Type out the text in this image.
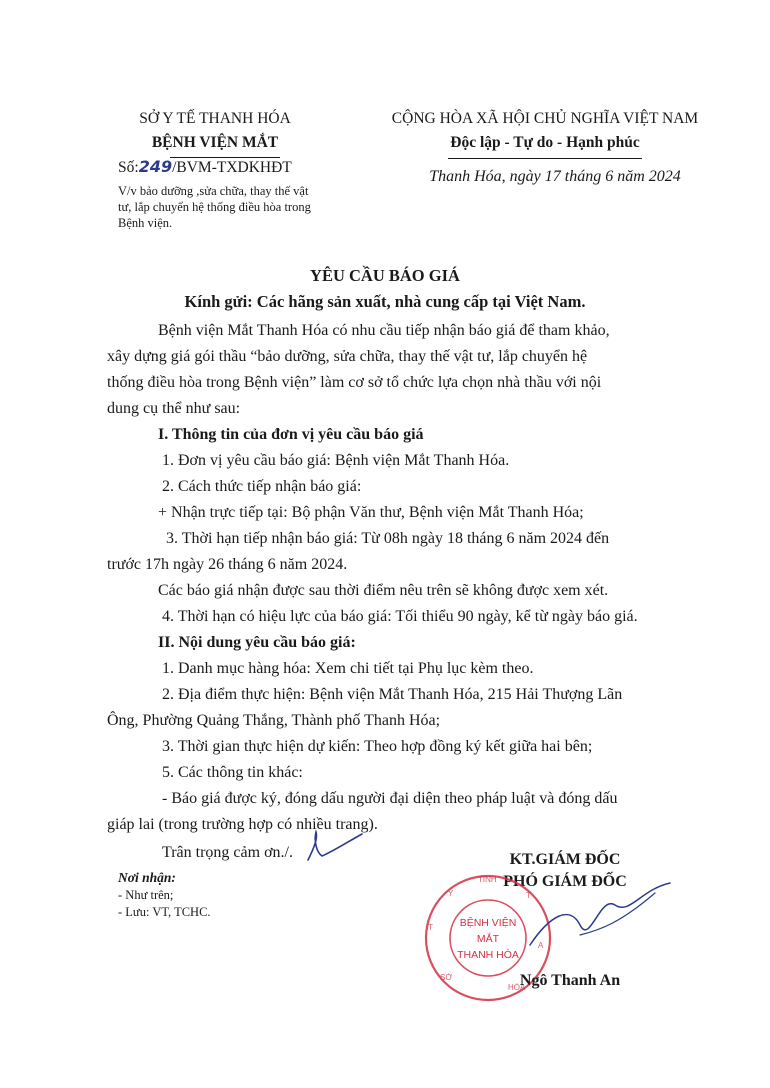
SỞ Y TẾ THANH HÓA
BỆNH VIỆN MẮT
Số:249/BVM-TXDKHĐT
V/v bảo dưỡng ,sửa chữa, thay thế vật
tư, lắp chuyển hệ thống điều hòa trong
Bệnh viện.
CỘNG HÒA XÃ HỘI CHỦ NGHĨA VIỆT NAM
Độc lập - Tự do - Hạnh phúc
Thanh Hóa, ngày 17 tháng 6 năm 2024
YÊU CẦU BÁO GIÁ
Kính gửi: Các hãng sản xuất, nhà cung cấp tại Việt Nam.
Bệnh viện Mắt Thanh Hóa có nhu cầu tiếp nhận báo giá để tham khảo,
xây dựng giá gói thầu “bảo dưỡng, sửa chữa, thay thế vật tư, lắp chuyển hệ
thống điều hòa trong Bệnh viện” làm cơ sở tổ chức lựa chọn nhà thầu với nội
dung cụ thể như sau:
I. Thông tin của đơn vị yêu cầu báo giá
1. Đơn vị yêu cầu báo giá: Bệnh viện Mắt Thanh Hóa.
2. Cách thức tiếp nhận báo giá:
+ Nhận trực tiếp tại: Bộ phận Văn thư, Bệnh viện Mắt Thanh Hóa;
3. Thời hạn tiếp nhận báo giá: Từ 08h ngày 18 tháng 6 năm 2024 đến
trước 17h ngày 26 tháng 6 năm 2024.
Các báo giá nhận được sau thời điểm nêu trên sẽ không được xem xét.
4. Thời hạn có hiệu lực của báo giá: Tối thiểu 90 ngày, kể từ ngày báo giá.
II. Nội dung yêu cầu báo giá:
1. Danh mục hàng hóa: Xem chi tiết tại Phụ lục kèm theo.
2. Địa điểm thực hiện: Bệnh viện Mắt Thanh Hóa, 215 Hải Thượng Lãn
Ông, Phường Quảng Thắng, Thành phố Thanh Hóa;
3. Thời gian thực hiện dự kiến: Theo hợp đồng ký kết giữa hai bên;
5. Các thông tin khác:
- Báo giá được ký, đóng dấu người đại diện theo pháp luật và đóng dấu
giáp lai (trong trường hợp có nhiều trang).
Trân trọng cảm ơn./.
Nơi nhận:
- Như trên;
- Lưu: VT, TCHC.
KT.GIÁM ĐỐC
PHÓ GIÁM ĐỐC
Y
TỈNH
T
T
A
HÓA
SỞ
BỆNH VIỆN
MẮT
THANH HÓA
Ngô Thanh An
